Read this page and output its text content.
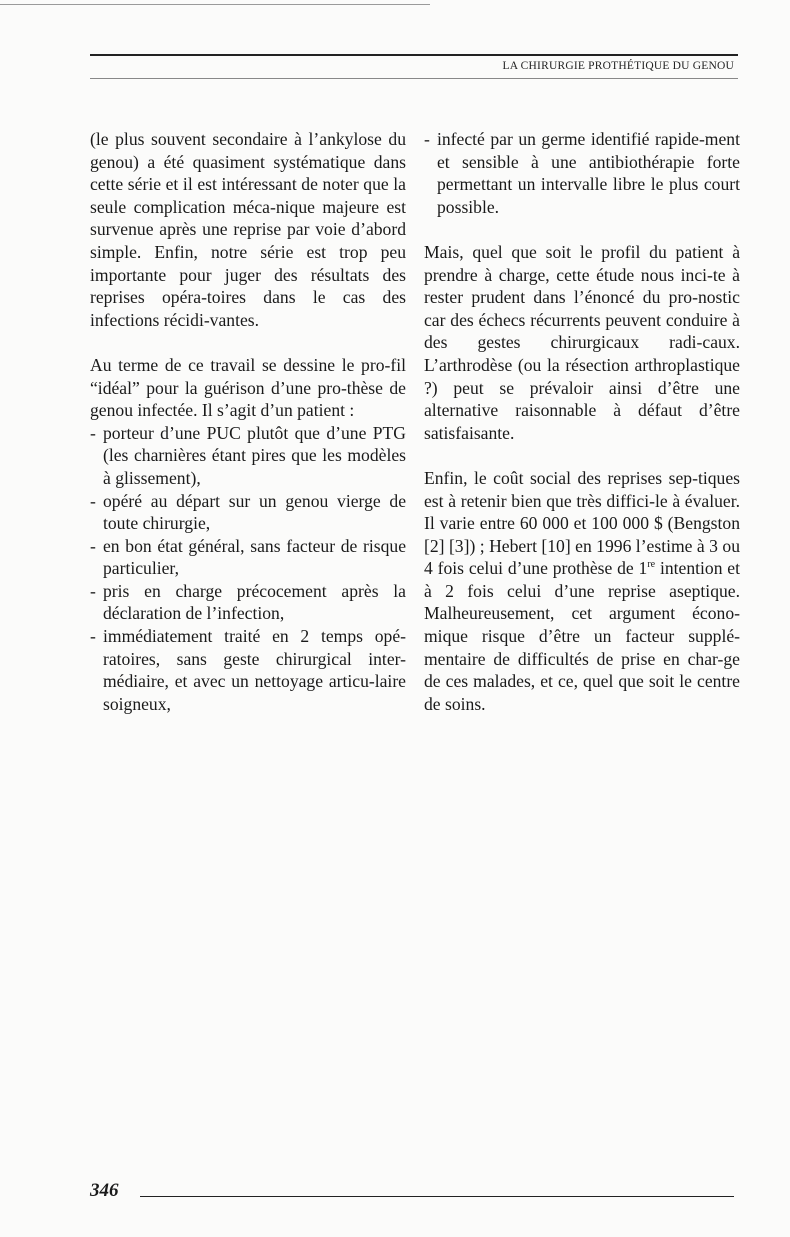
LA CHIRURGIE PROTHÉTIQUE DU GENOU

(le plus souvent secondaire à l’ankylose du genou) a été quasiment systématique dans cette série et il est intéressant de noter que la seule complication méca-nique majeure est survenue après une reprise par voie d’abord simple. Enfin, notre série est trop peu importante pour juger des résultats des reprises opéra-toires dans le cas des infections récidi-vantes.

Au terme de ce travail se dessine le pro-fil “idéal” pour la guérison d’une pro-thèse de genou infectée. Il s’agit d’un patient :

- porteur d’une PUC plutôt que d’une PTG (les charnières étant pires que les modèles à glissement),
- opéré au départ sur un genou vierge de toute chirurgie,
- en bon état général, sans facteur de risque particulier,
- pris en charge précocement après la déclaration de l’infection,
- immédiatement traité en 2 temps opé-ratoires, sans geste chirurgical inter-médiaire, et avec un nettoyage articu-laire soigneux,
- infecté par un germe identifié rapide-ment et sensible à une antibiothérapie forte permettant un intervalle libre le plus court possible.

Mais, quel que soit le profil du patient à prendre à charge, cette étude nous inci-te à rester prudent dans l’énoncé du pro-nostic car des échecs récurrents peuvent conduire à des gestes chirurgicaux radi-caux. L’arthrodèse (ou la résection arthroplastique ?) peut se prévaloir ainsi d’être une alternative raisonnable à défaut d’être satisfaisante.

Enfin, le coût social des reprises sep-tiques est à retenir bien que très diffici-le à évaluer. Il varie entre 60 000 et 100 000 $ (Bengston [2] [3]) ; Hebert [10] en 1996 l’estime à 3 ou 4 fois celui d’une prothèse de 1re intention et à 2 fois celui d’une reprise aseptique. Malheureusement, cet argument écono-mique risque d’être un facteur supplé-mentaire de difficultés de prise en char-ge de ces malades, et ce, quel que soit le centre de soins.

346
